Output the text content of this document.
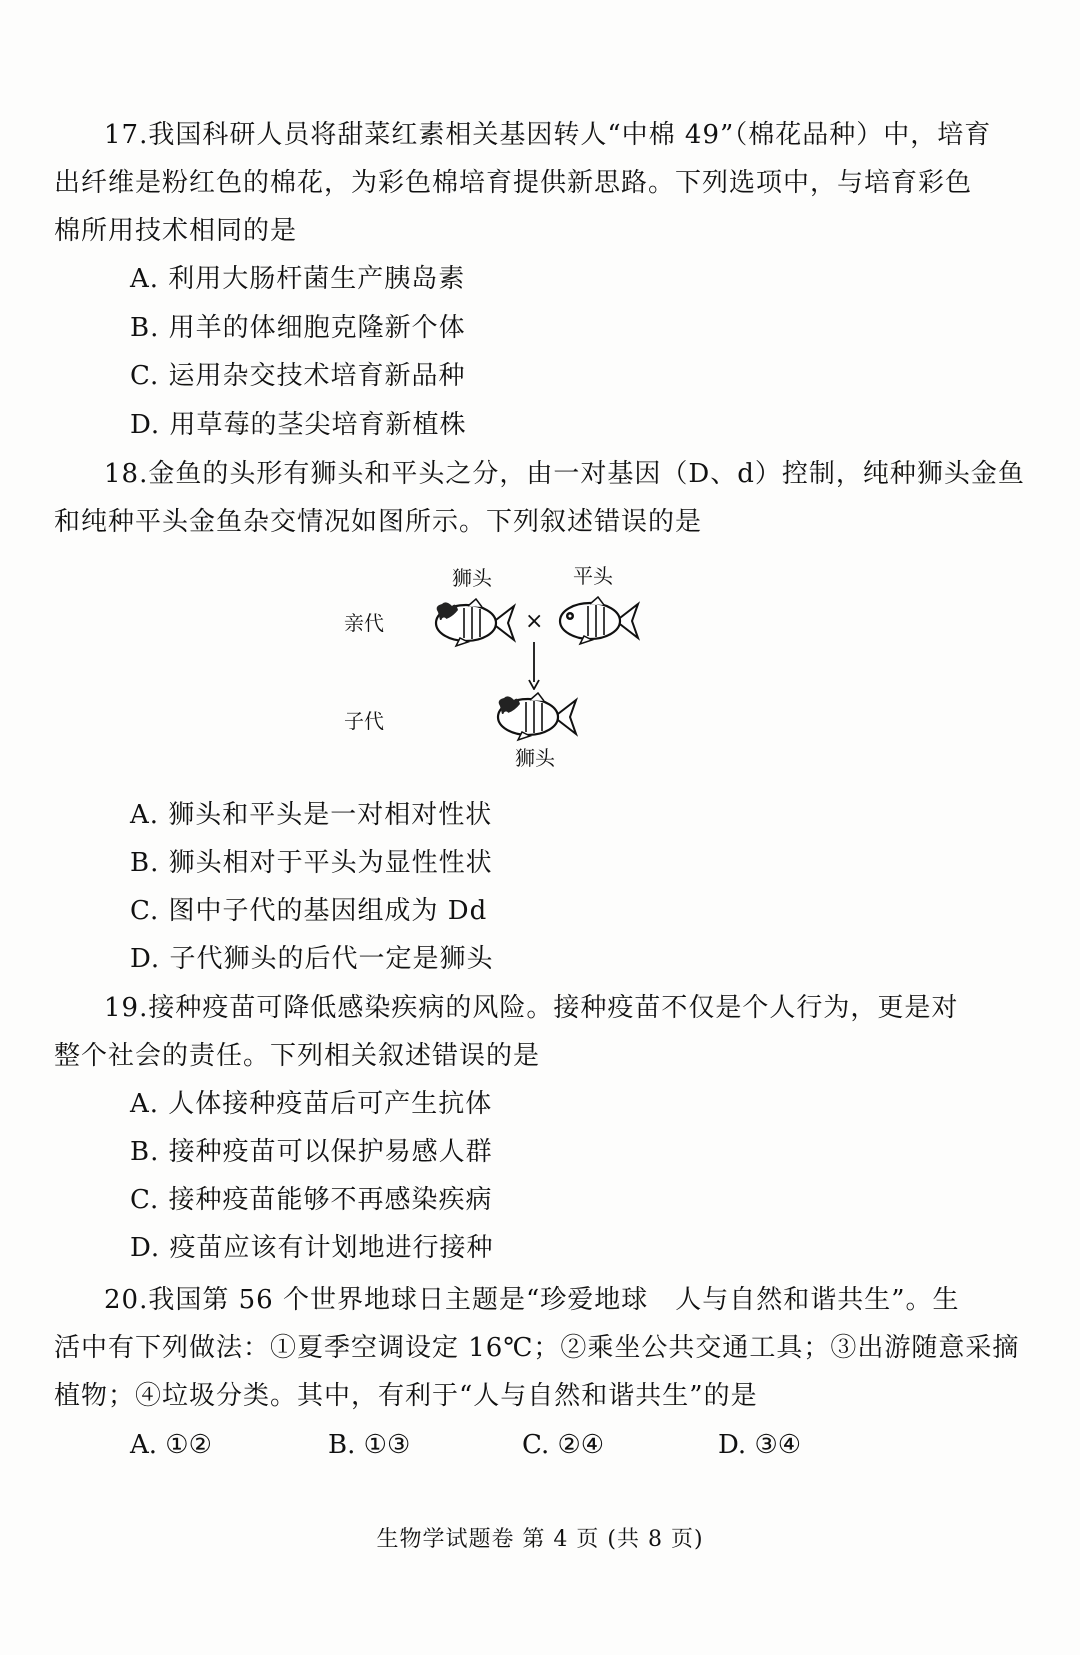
17.我国科研人员将甜菜红素相关基因转人“中棉 49”（棉花品种）中，培育
出纤维是粉红色的棉花，为彩色棉培育提供新思路。下列选项中，与培育彩色
棉所用技术相同的是
A. 利用大肠杆菌生产胰岛素
B. 用羊的体细胞克隆新个体
C. 运用杂交技术培育新品种
D. 用草莓的茎尖培育新植株
18.金鱼的头形有狮头和平头之分，由一对基因（D、d）控制，纯种狮头金鱼
和纯种平头金鱼杂交情况如图所示。下列叙述错误的是
亲代
子代
狮头	平头
狮头
×
A. 狮头和平头是一对相对性状
B. 狮头相对于平头为显性性状
C. 图中子代的基因组成为 Dd
D. 子代狮头的后代一定是狮头
19.接种疫苗可降低感染疾病的风险。接种疫苗不仅是个人行为，更是对
整个社会的责任。下列相关叙述错误的是
A. 人体接种疫苗后可产生抗体
B. 接种疫苗可以保护易感人群
C. 接种疫苗能够不再感染疾病
D. 疫苗应该有计划地进行接种
20.我国第 56 个世界地球日主题是“珍爱地球　人与自然和谐共生”。生
活中有下列做法：①夏季空调设定 16℃；②乘坐公共交通工具；③出游随意采摘
植物；④垃圾分类。其中，有利于“人与自然和谐共生”的是
A. ①②	B. ①③	C. ②④	D. ③④
生物学试题卷 第 4 页 (共 8 页)
